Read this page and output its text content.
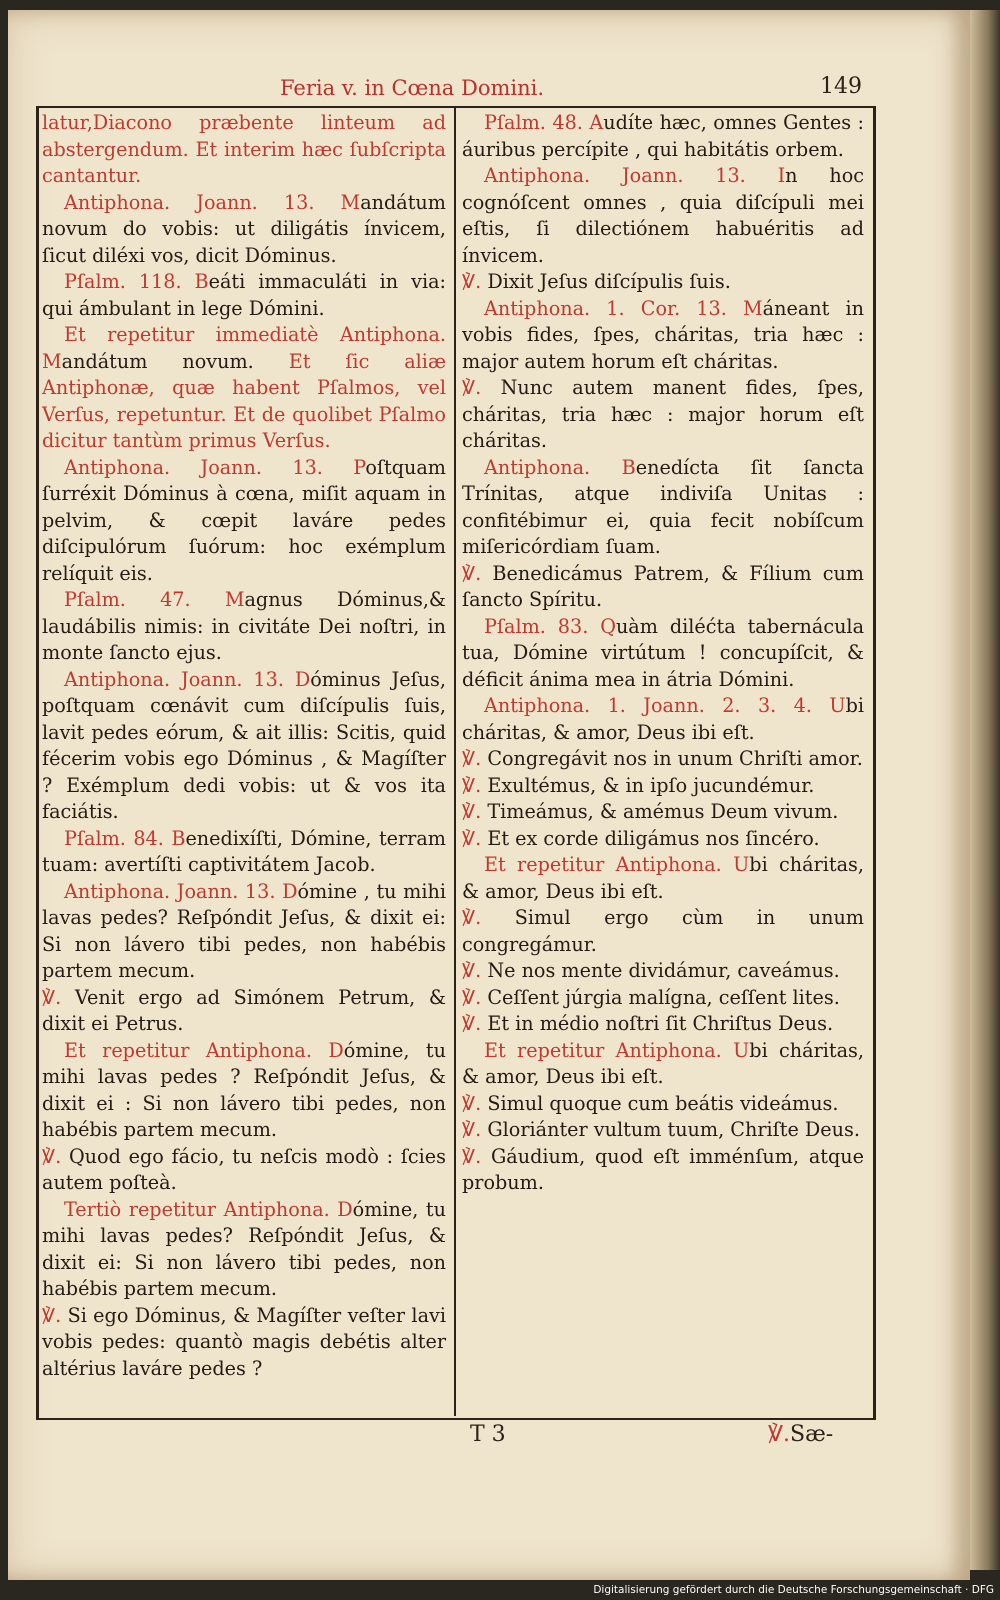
Feria v. in Cœna Domini.	149

latur,Diacono præbente linteum ad abstergendum. Et interim hæc ſubſcripta cantantur.

Antiphona. Joann. 13. Mandátum novum do vobis: ut diligátis ínvicem, ſicut diléxi vos, dicit Dóminus.

Pſalm. 118. Beáti immaculáti in via: qui ámbulant in lege Dómini.

Et repetitur immediatè Antiphona. Mandátum novum. Et ſic aliæ Antiphonæ, quæ habent Pſalmos, vel Verſus, repetuntur. Et de quolibet Pſalmo dicitur tantùm primus Verſus.

Antiphona. Joann. 13. Poſtquam ſurréxit Dóminus à cœna, miſit aquam in pelvim, & cœpit laváre pedes diſcipulórum ſuórum: hoc exémplum relíquit eis.

Pſalm. 47. Magnus Dóminus,& laudábilis nimis: in civitáte Dei noſtri, in monte ſancto ejus.

Antiphona. Joann. 13. Dóminus Jeſus, poſtquam cœnávit cum diſcípulis ſuis, lavit pedes eórum, & ait illis: Scitis, quid fécerim vobis ego Dóminus , & Magíſter ? Exémplum dedi vobis: ut & vos ita faciátis.

Pſalm. 84. Benedixíſti, Dómine, terram tuam: avertíſti captivitátem Jacob.

Antiphona. Joann. 13. Dómine , tu mihi lavas pedes? Reſpóndit Jeſus, & dixit ei: Si non lávero tibi pedes, non habébis partem mecum.

℣. Venit ergo ad Simónem Petrum, & dixit ei Petrus.

Et repetitur Antiphona. Dómine, tu mihi lavas pedes ? Reſpóndit Jeſus, & dixit ei : Si non lávero tibi pedes, non habébis partem mecum.

℣. Quod ego fácio, tu neſcis modò : ſcies autem poſteà.

Tertiò repetitur Antiphona. Dómine, tu mihi lavas pedes? Reſpóndit Jeſus, & dixit ei: Si non lávero tibi pedes, non habébis partem mecum.

℣. Si ego Dóminus, & Magíſter veſter lavi vobis pedes: quantò magis debétis alter altérius laváre pedes ?

Pſalm. 48. Audíte hæc, omnes Gentes : áuribus percípite , qui habitátis orbem.

Antiphona. Joann. 13. In hoc cognóſcent omnes , quia diſcípuli mei eſtis, ſi dilectiónem habuéritis ad ínvicem.

℣. Dixit Jeſus diſcípulis ſuis.

Antiphona. 1. Cor. 13. Máneant in vobis fides, ſpes, cháritas, tria hæc : major autem horum eſt cháritas.

℣. Nunc autem manent fides, ſpes, cháritas, tria hæc : major horum eſt cháritas.

Antiphona. Benedícta ſit ſancta Trínitas, atque indiviſa Unitas : confitébimur ei, quia fecit nobíſcum miſericórdiam ſuam.

℣. Benedicámus Patrem, & Fílium cum ſancto Spíritu.

Pſalm. 83. Quàm diléćta tabernácula tua, Dómine virtútum ! concupíſcit, & déficit ánima mea in átria Dómini.

Antiphona. 1. Joann. 2. 3. 4. Ubi cháritas, & amor, Deus ibi eſt.

℣. Congregávit nos in unum Chriſti amor.

℣. Exultémus, & in ipſo jucundémur.

℣. Timeámus, & amémus Deum vivum.

℣. Et ex corde diligámus nos ſincéro.

Et repetitur Antiphona. Ubi cháritas, & amor, Deus ibi eſt.

℣. Simul ergo cùm in unum congregámur.

℣. Ne nos mente dividámur, caveámus.

℣. Ceſſent júrgia malígna, ceſſent lites.

℣. Et in médio noſtri ſit Chriſtus Deus.

Et repetitur Antiphona. Ubi cháritas, & amor, Deus ibi eſt.

℣. Simul quoque cum beátis videámus.

℣. Gloriánter vultum tuum, Chriſte Deus.

℣. Gáudium, quod eſt imménſum, atque probum.

T 3	℣.Sæ-
Digitalisierung gefördert durch die Deutsche Forschungsgemeinschaft · DFG
